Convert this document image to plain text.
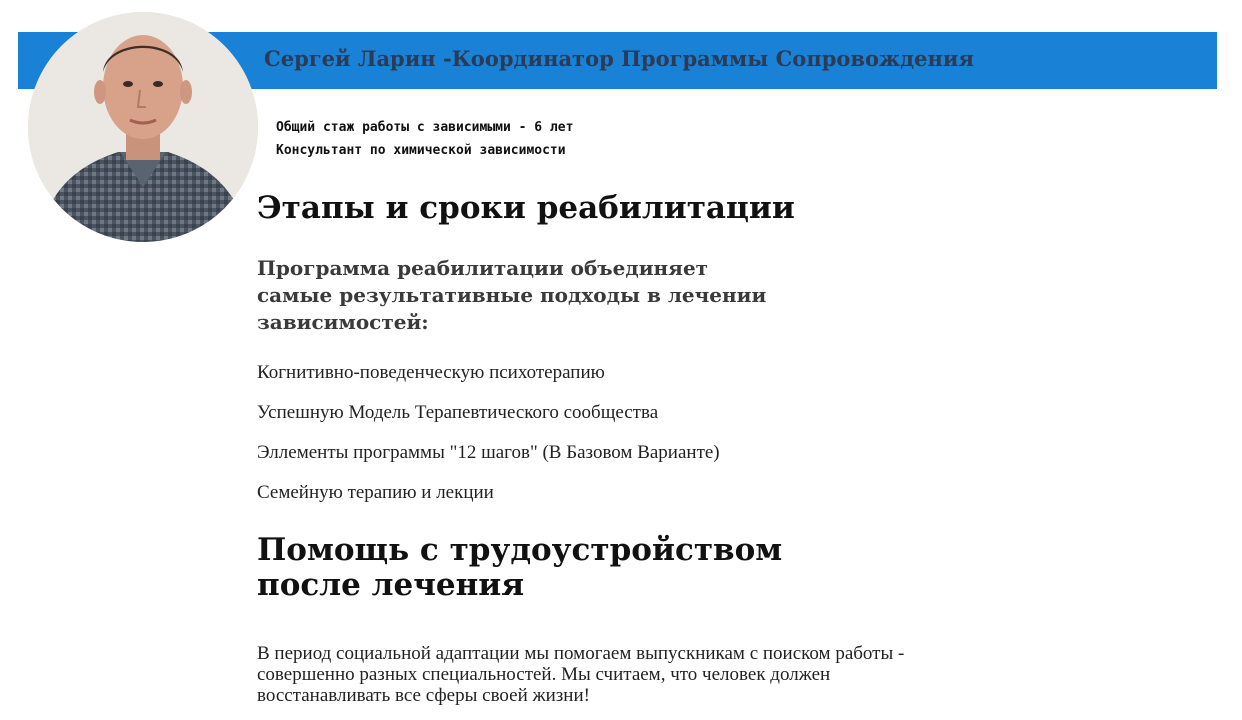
Сергей Ларин -Координатор Программы Сопровождения
Общий стаж работы с зависимыми - 6 лет
Консультант по химической зависимости
Этапы и сроки реабилитации

Программа реабилитации объединяет самые результативные подходы в лечении зависимостей:

Когнитивно-поведенческую психотерапию
Успешную Модель Терапевтического сообщества
Эллементы программы "12 шагов" (В Базовом Варианте)
Семейную терапию и лекции
Помощь с трудоустройством после лечения

В период социальной адаптации мы помогаем выпускникам с поиском работы - совершенно разных специальностей. Мы считаем, что человек должен восстанавливать все сферы своей жизни!
